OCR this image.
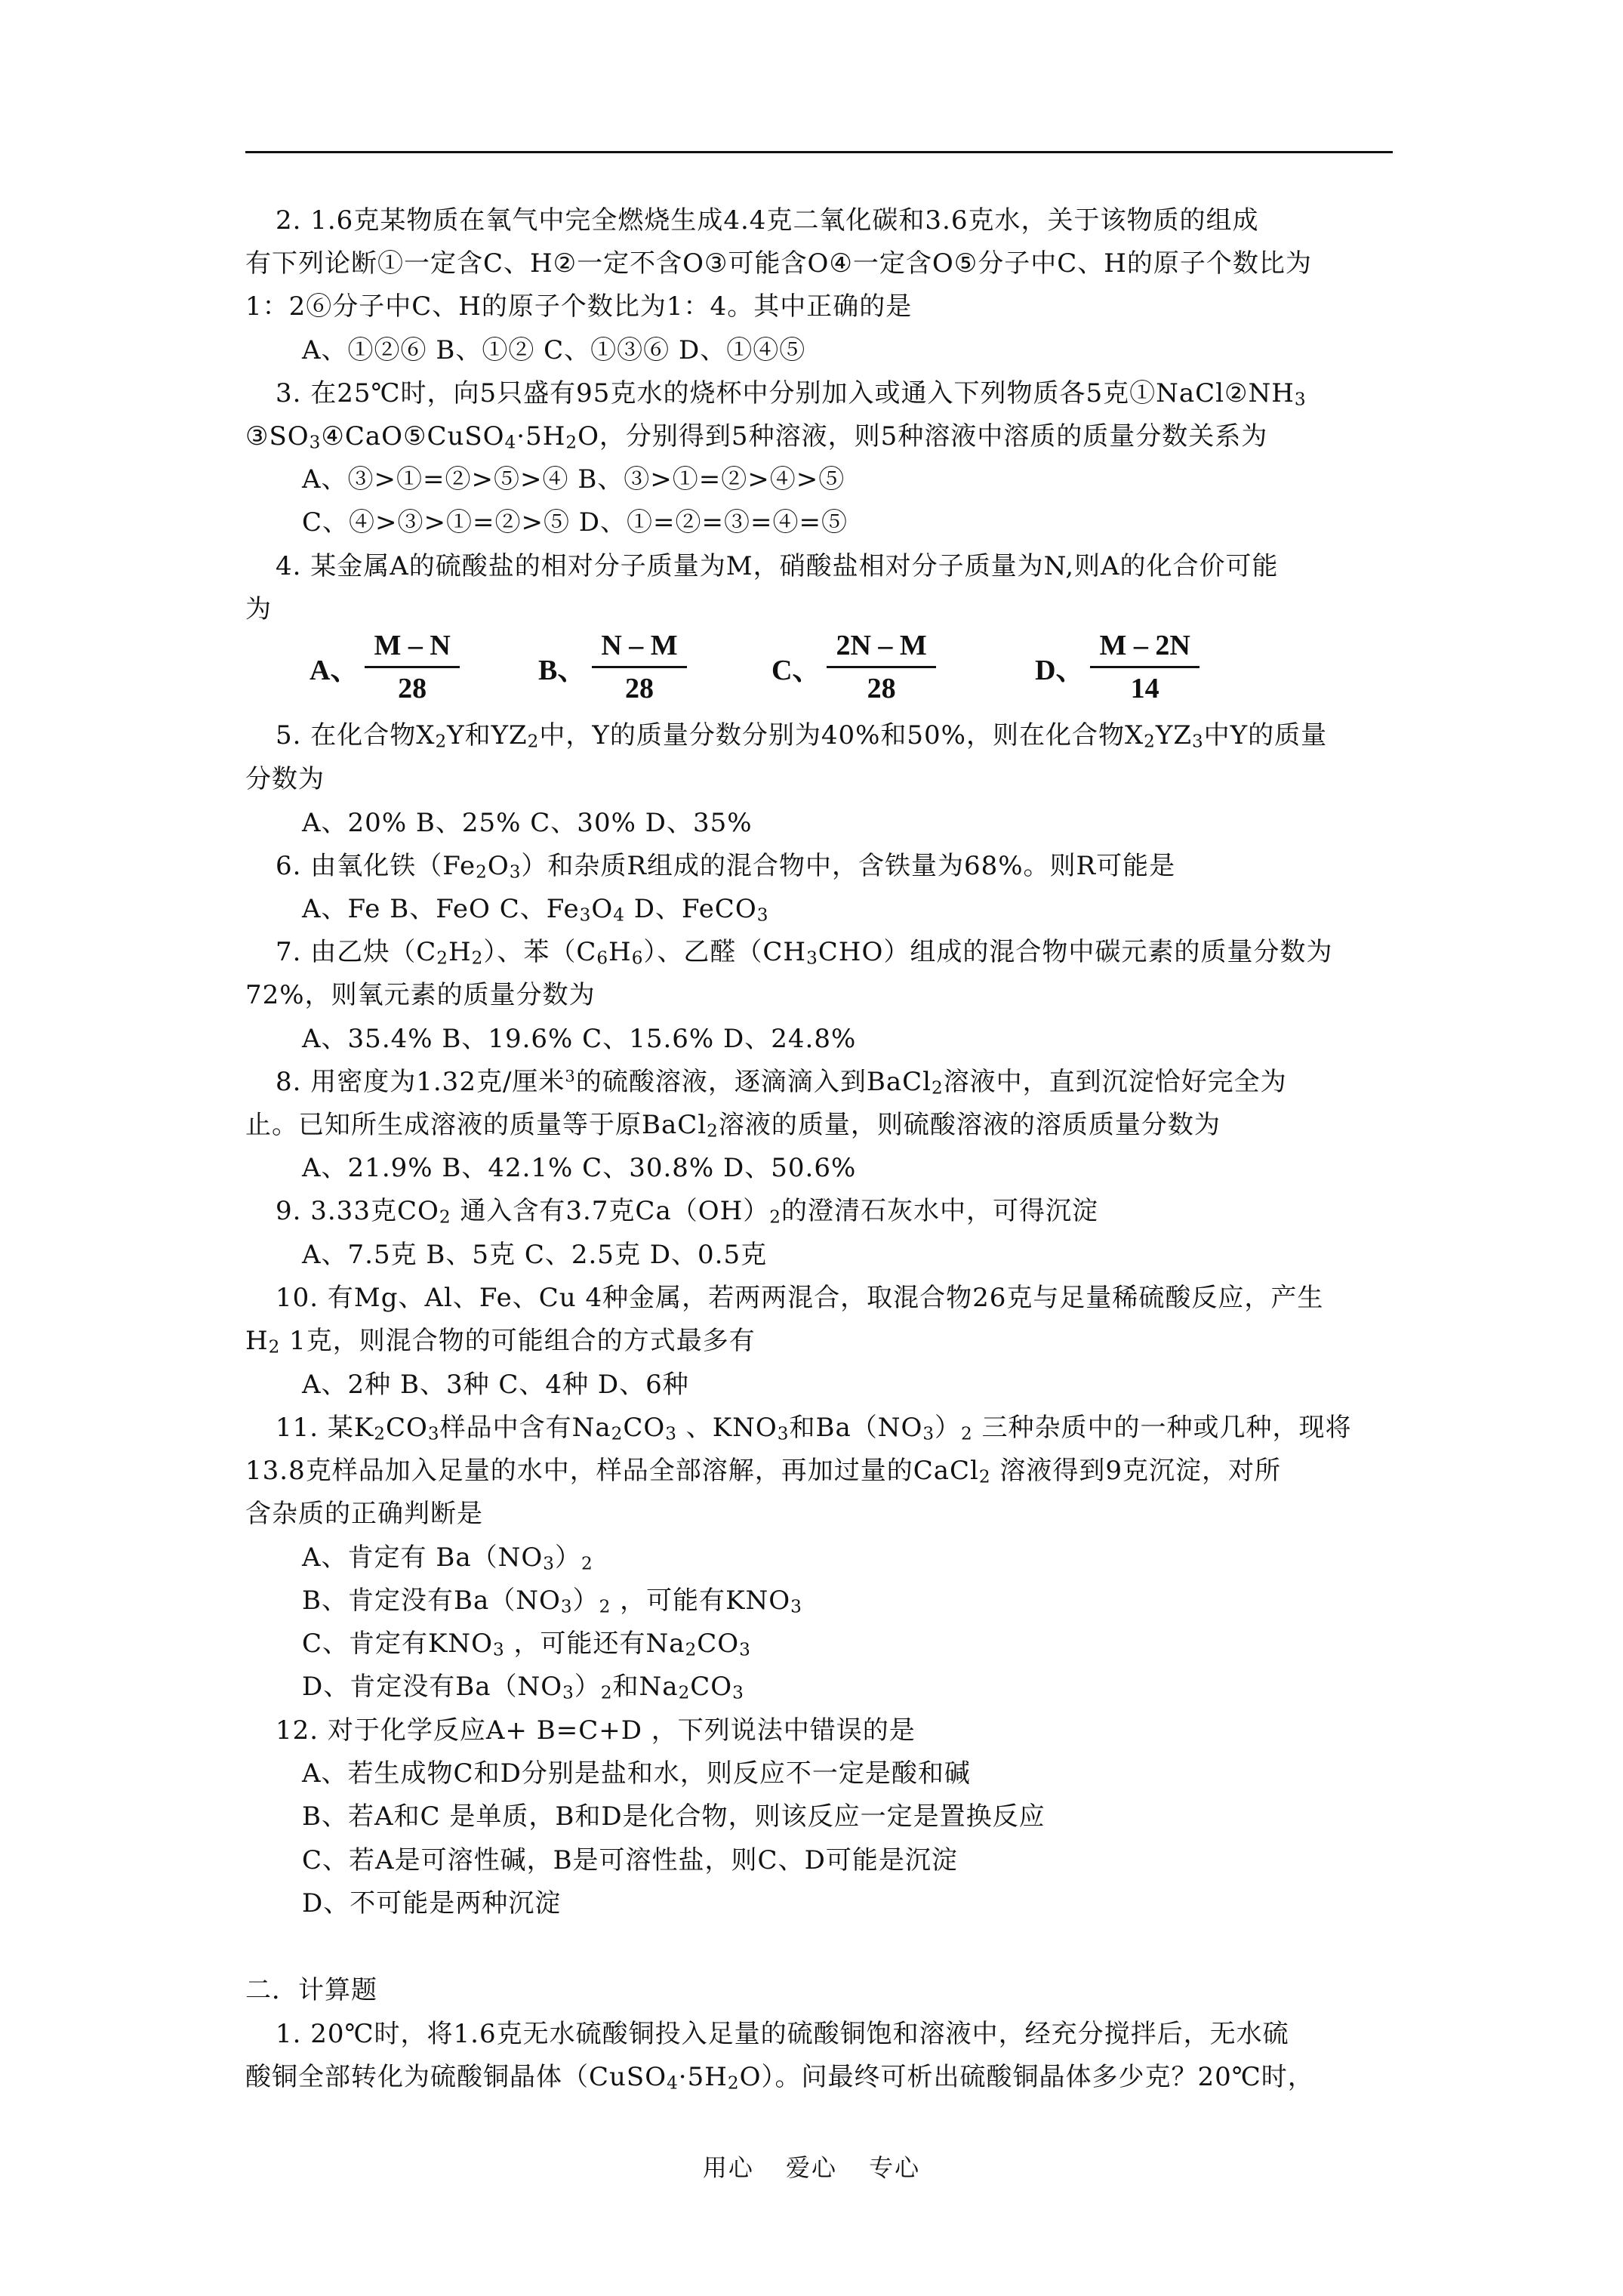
2. 1.6克某物质在氧气中完全燃烧生成4.4克二氧化碳和3.6克水，关于该物质的组成
有下列论断①一定含C、H②一定不含O③可能含O④一定含O⑤分子中C、H的原子个数比为
1：2⑥分子中C、H的原子个数比为1：4。其中正确的是
A、①②⑥ B、①② C、①③⑥ D、①④⑤
3. 在25℃时，向5只盛有95克水的烧杯中分别加入或通入下列物质各5克$①NaCl②NH_3$
$③SO_3④CaO⑤CuSO_4\cdot 5H_2O$，分别得到5种溶液，则5种溶液中溶质的质量分数关系为
A、③>①=②>⑤>④ B、③>①=②>④>⑤
C、④>③>①=②>⑤ D、①=②=③=④=⑤
4. 某金属A的硫酸盐的相对分子质量为M，硝酸盐相对分子质量为N,则A的化合价可能
为
A、 $\frac{M - N}{28}$	B、 $\frac{N - M}{28}$	C、 $\frac{2N - M}{28}$	D、 $\frac{M - 2N}{14}$
5. 在化合物$X_2Y$和$YZ_2$中，Y的质量分数分别为40%和50%，则在化合物$X_2YZ_3$中Y的质量
分数为
A、20% B、25% C、30% D、35%
6. 由氧化铁$(Fe_2O_3)$和杂质R组成的混合物中，含铁量为68%。则R可能是
A、Fe B、FeO C、$Fe_3O_4$ D、FeCO$_3$
7. 由乙炔$(C_2H_2)$、苯$(C_6H_6)$、乙醛$(CH_3CHO)$组成的混合物中碳元素的质量分数为
72%，则氧元素的质量分数为
A、35.4% B、19.6% C、15.6% D、24.8%
8. 用密度为1.32克/厘米$^3$的硫酸溶液，逐滴滴入到BaCl$_2$溶液中，直到沉淀恰好完全为
止。已知所生成溶液的质量等于原BaCl$_2$溶液的质量，则硫酸溶液的溶质质量分数为
A、21.9% B、42.1% C、30.8% D、50.6%
9. 3.33克$CO_2$ 通入含有3.7克$Ca(OH)_2$的澄清石灰水中，可得沉淀
A、7.5克 B、5克 C、2.5克 D、0.5克
10. 有Mg、Al、Fe、Cu 4种金属，若两两混合，取混合物26克与足量稀硫酸反应，产生
$H_2$ 1克，则混合物的可能组合的方式最多有
A、2种 B、3种 C、4种 D、6种
11. 某$K_2CO_3$样品中含有$Na_2CO_3$ 、$KNO_3$和$Ba(NO_3)_2$ 三种杂质中的一种或几种，现将
13.8克样品加入足量的水中，样品全部溶解，再加过量的CaCl$_2$ 溶液得到9克沉淀，对所
含杂质的正确判断是
A、肯定有 $Ba(NO_3)_2$
B、肯定没有$Ba(NO_3)_2$ ，可能有$KNO_3$
C、肯定有$KNO_3$ ，可能还有$Na_2CO_3$
D、肯定没有$Ba(NO_3)_2$和$Na_2CO_3$
12. 对于化学反应A+ B=C+D ，下列说法中错误的是
A、若生成物C和D分别是盐和水，则反应不一定是酸和碱
B、若A和C 是单质，B和D是化合物，则该反应一定是置换反应
C、若A是可溶性碱，B是可溶性盐，则C、D可能是沉淀
D、不可能是两种沉淀
二．计算题
1. 20℃时，将1.6克无水硫酸铜投入足量的硫酸铜饱和溶液中，经充分搅拌后，无水硫
酸铜全部转化为硫酸铜晶体$(CuSO_4\cdot 5H_2O)$。问最终可析出硫酸铜晶体多少克？20℃时，
用心 爱心 专心
